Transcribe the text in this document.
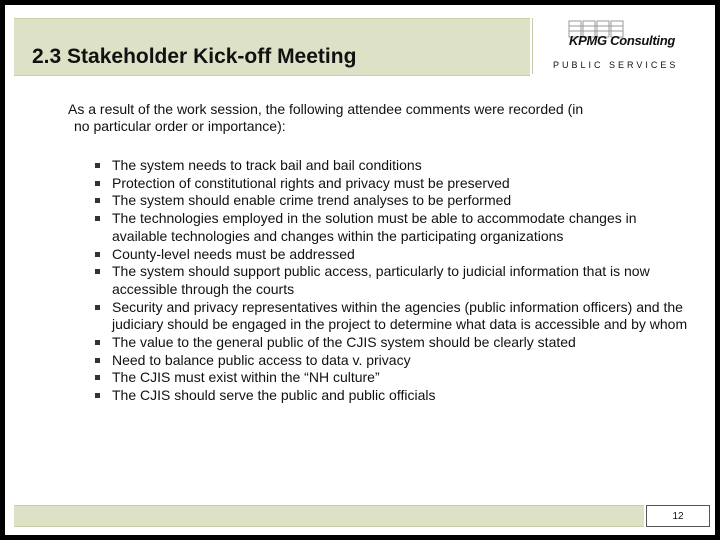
2.3 Stakeholder Kick-off Meeting
KPMG Consulting
PUBLIC SERVICES
As a result of the work session, the following attendee comments were recorded (in
no particular order or importance):
The system needs to track bail and bail conditions
Protection of constitutional rights and privacy must be preserved
The system should enable crime trend analyses to be performed
The technologies employed in the solution must be able to accommodate changes in available technologies and changes within the participating organizations
County-level needs must be addressed
The system should support public access, particularly to judicial information that is now accessible through the courts
Security and privacy representatives within the agencies (public information officers) and the judiciary should be engaged in the project to determine what data is accessible and by whom
The value to the general public of the CJIS system should be clearly stated
Need to balance public access to data v. privacy
The CJIS must exist within the “NH culture”
The CJIS should serve the public and public officials
12
